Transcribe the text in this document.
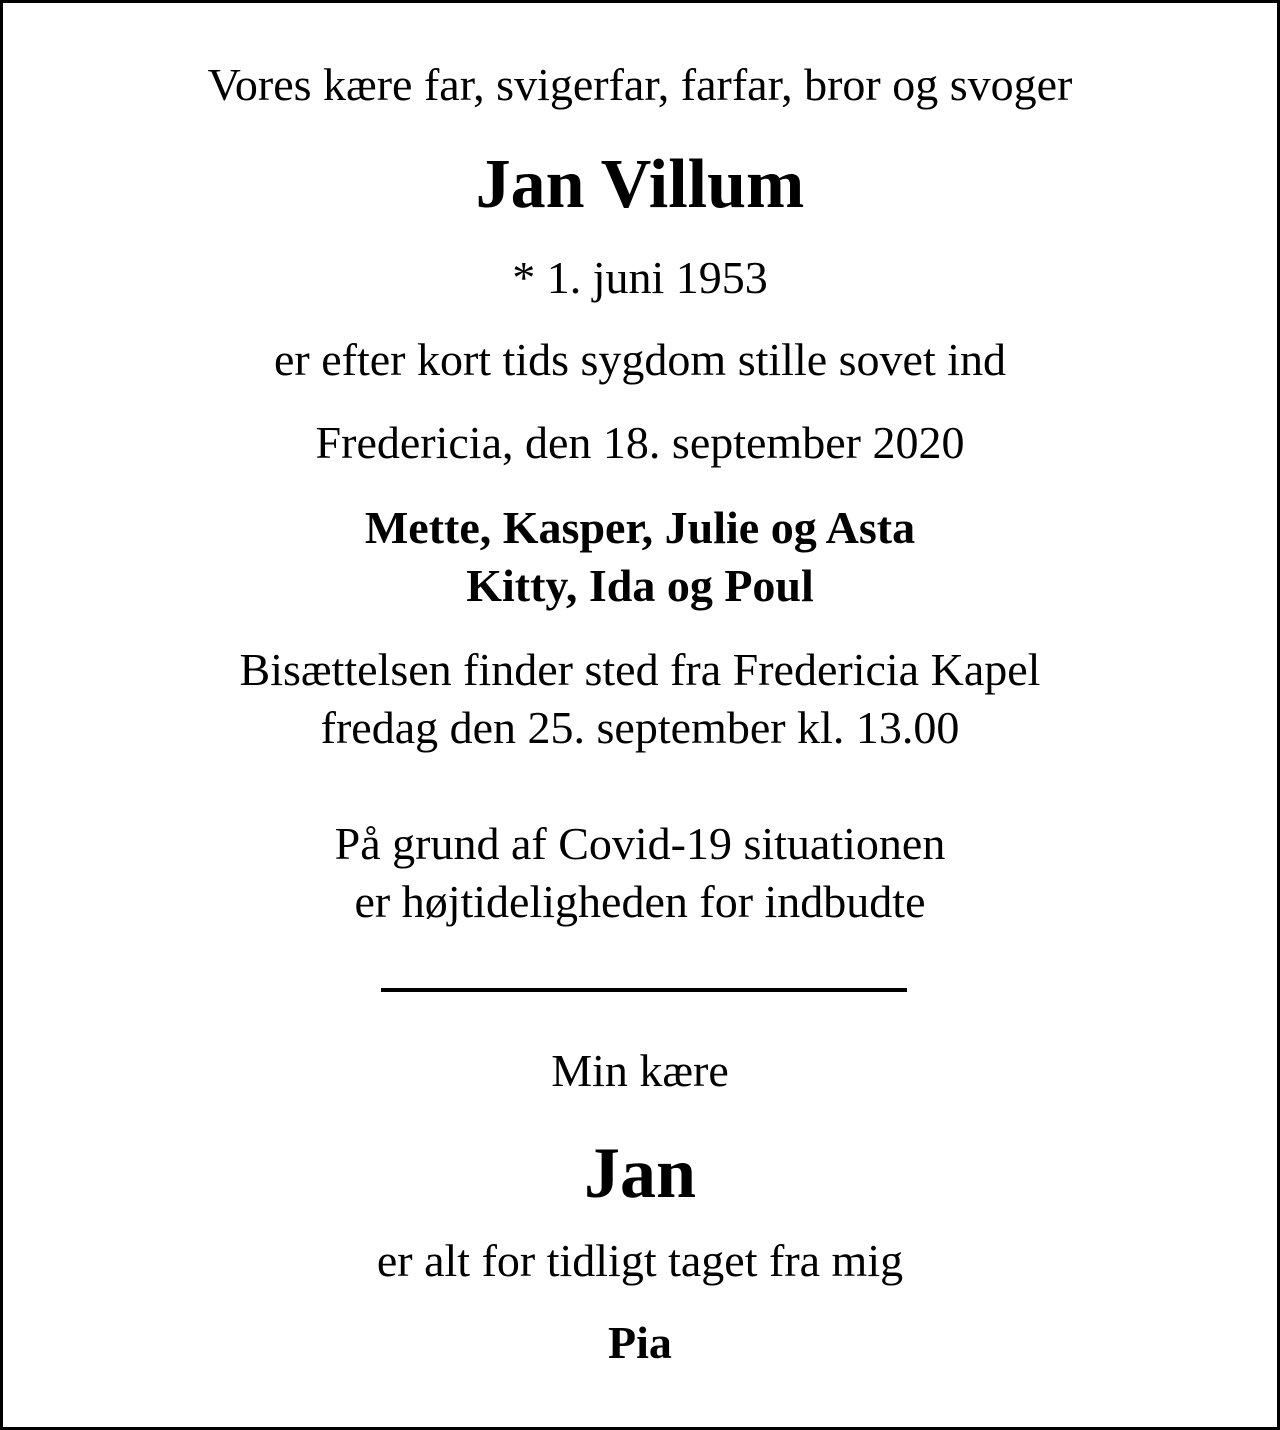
Vores kære far, svigerfar, farfar, bror og svoger

Jan Villum

* 1. juni 1953

er efter kort tids sygdom stille sovet ind

Fredericia, den 18. september 2020

Mette, Kasper, Julie og Asta
Kitty, Ida og Poul
Bisættelsen finder sted fra Fredericia Kapel
fredag den 25. september kl. 13.00
På grund af Covid-19 situationen
er højtideligheden for indbudte

Min kære

Jan

er alt for tidligt taget fra mig

Pia
